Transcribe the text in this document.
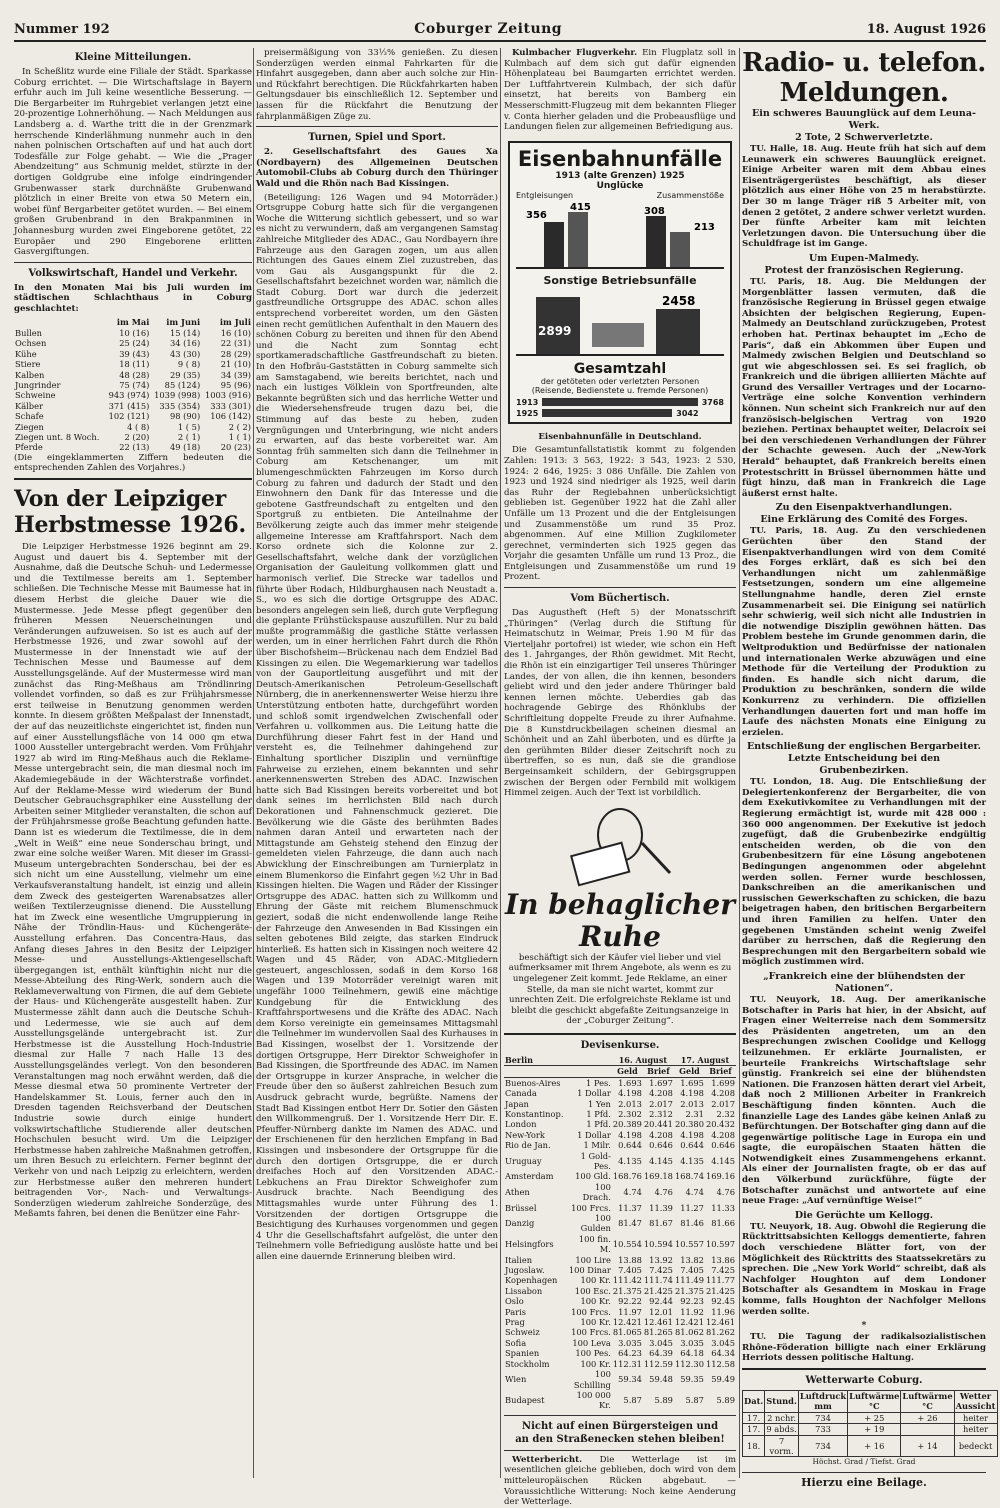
Nummer 192	Coburger Zeitung	18. August 1926
Kleine Mitteilungen.

In Scheßlitz wurde eine Filiale der Städt. Sparkasse Coburg errichtet. — Die Wirtschaftslage in Bayern erfuhr auch im Juli keine wesentliche Besserung. — Die Bergarbeiter im Ruhrgebiet verlangen jetzt eine 20-prozentige Lohnerhöhung. — Nach Meldungen aus Landsberg a. d. Warthe tritt die in der Grenzmark herrschende Kinderlähmung nunmehr auch in den nahen polnischen Ortschaften auf und hat auch dort Todesfälle zur Folge gehabt. — Wie die „Prager Abendzeitung“ aus Schmunig meldet, stürzte in der dortigen Goldgrube eine infolge eindringender Grubenwasser stark durchnäßte Grubenwand plötzlich in einer Breite von etwa 50 Metern ein, wobei fünf Bergarbeiter getötet wurden. — Bei einem großen Grubenbrand in den Brakpanminen in Johannesburg wurden zwei Eingeborene getötet, 22 Europäer und 290 Eingeborene erlitten Gasvergiftungen.

Volkswirtschaft, Handel und Verkehr.

In den Monaten Mai bis Juli wurden im städtischen Schlachthaus in Coburg geschlachtet:

	im Mai	im Juni	im Juli
Bullen	10 (16)	15 (14)	16 (10)
Ochsen	25 (24)	34 (16)	22 (31)
Kühe	39 (43)	43 (30)	28 (29)
Stiere	18 (11)	9 ( 8)	21 (10)
Kalben	48 (28)	29 (35)	34 (39)
Jungrinder	75 (74)	85 (124)	95 (96)
Schweine	943 (974)	1039 (998)	1003 (916)
Kälber	371 (415)	335 (354)	333 (301)
Schafe	102 (121)	98 (90)	106 (142)
Ziegen	4 ( 8)	1 ( 5)	2 ( 2)
Ziegen unt. 8 Woch.	2 (20)	2 ( 1)	1 ( 1)
Pferde	22 (13)	49 (18)	20 (23)

(Die eingeklammerten Ziffern bedeuten die entsprechenden Zahlen des Vorjahres.)

Von der Leipziger Herbstmesse 1926.

Die Leipziger Herbstmesse 1926 beginnt am 29. August und dauert bis 4. September mit der Ausnahme, daß die Deutsche Schuh- und Ledermesse und die Textilmesse bereits am 1. September schließen. Die Technische Messe mit Baumesse hat in diesem Herbst die gleiche Dauer wie die Mustermesse. Jede Messe pflegt gegenüber den früheren Messen Neuerscheinungen und Veränderungen aufzuweisen. So ist es auch auf der Herbstmesse 1926, und zwar sowohl auf der Mustermesse in der Innenstadt wie auf der Technischen Messe und Baumesse auf dem Ausstellungsgelände. Auf der Mustermesse wird man zunächst das Ring-Meßhaus am Tröndlinring vollendet vorfinden, so daß es zur Frühjahrsmesse erst teilweise in Benutzung genommen werden konnte. In diesem größten Meßpalast der Innenstadt, der auf das neuzeitlichste eingerichtet ist, finden nun auf einer Ausstellungsfläche von 14 000 qm etwa 1000 Aussteller untergebracht werden. Vom Frühjahr 1927 ab wird im Ring-Meßhaus auch die Reklame-Messe untergebracht sein, die man diesmal noch im Akademiegebäude in der Wächterstraße vorfindet. Auf der Reklame-Messe wird wiederum der Bund Deutscher Gebrauchsgraphiker eine Ausstellung der Arbeiten seiner Mitglieder veranstalten, die schon auf der Frühjahrsmesse große Beachtung gefunden hatte. Dann ist es wiederum die Textilmesse, die in dem „Welt in Weiß“ eine neue Sonderschau bringt, und zwar eine solche weißer Waren. Mit dieser im Grassi-Museum untergebrachten Sonderschau, bei der es sich nicht um eine Ausstellung, vielmehr um eine Verkaufsveranstaltung handelt, ist einzig und allein dem Zweck des gesteigerten Warenabsatzes aller weißen Textilerzeugnisse dienend. Die Ausstellung hat im Zweck eine wesentliche Umgruppierung in Nähe der Tröndlin-Haus- und Küchengeräte-Ausstellung erfahren. Das Concentra-Haus, das Anfang dieses Jahres in den Besitz der Leipziger Messe- und Ausstellungs-Aktiengesellschaft übergegangen ist, enthält künftighin nicht nur die Messe-Abteilung des Ring-Werk, sondern auch die Reklameverwaltung von Firmen, die auf dem Gebiete der Haus- und Küchengeräte ausgestellt haben. Zur Mustermesse zählt dann auch die Deutsche Schuh- und Ledermesse, wie sie auch auf dem Ausstellungsgelände untergebracht ist. Zur Herbstmesse ist die Ausstellung Hoch-Industrie diesmal zur Halle 7 nach Halle 13 des Ausstellungsgeländes verlegt. Von den besonderen Veranstaltungen mag noch erwähnt werden, daß die Messe diesmal etwa 50 prominente Vertreter der Handelskammer St. Louis, ferner auch den in Dresden tagenden Reichsverband der Deutschen Industrie sowie durch einige hundert volkswirtschaftliche Studierende aller deutschen Hochschulen besucht wird. Um die Leipziger Herbstmesse haben zahlreiche Maßnahmen getroffen, um ihren Besuch zu erleichtern. Ferner beginnt der Verkehr von und nach Leipzig zu erleichtern, werden zur Herbstmesse außer den mehreren hundert beitragenden Vor-, Nach- und Verwaltungs-Sonderzügen wiederum zahlreiche Sonderzüge, des Meßamts fahren, bei denen die Benützer eine Fahr-

preisermäßigung von 33⅓% genießen. Zu diesen Sonderzügen werden einmal Fahrkarten für die Hinfahrt ausgegeben, dann aber auch solche zur Hin- und Rückfahrt berechtigen. Die Rückfahrkarten haben Geltungsdauer bis einschließlich 12. September und lassen für die Rückfahrt die Benutzung der fahrplanmäßigen Züge zu.

Turnen, Spiel und Sport.

2. Gesellschaftsfahrt des Gaues Xa (Nordbayern) des Allgemeinen Deutschen Automobil-Clubs ab Coburg durch den Thüringer Wald und die Rhön nach Bad Kissingen.

(Beteiligung: 126 Wagen und 94 Motorräder.) Ortsgruppe Coburg hatte sich für die vergangenen Woche die Witterung sichtlich gebessert, und so war es nicht zu verwundern, daß am vergangenen Samstag zahlreiche Mitglieder des ADAC., Gau Nordbayern ihre Fahrzeuge aus den Garagen zogen, um aus allen Richtungen des Gaues einem Ziel zuzustreben, das vom Gau als Ausgangspunkt für die 2. Gesellschaftsfahrt bezeichnet worden war, nämlich die Stadt Coburg. Dort war durch die jederzeit gastfreundliche Ortsgruppe des ADAC. schon alles entsprechend vorbereitet worden, um den Gästen einen recht gemütlichen Aufenthalt in den Mauern des schönen Coburg zu bereiten und ihnen für den Abend und die Nacht zum Sonntag echt sportkameradschaftliche Gastfreundschaft zu bieten. In den Hofbräu-Gaststätten in Coburg sammelte sich am Samstagabend, wie bereits berichtet, nach und nach ein lustiges Völklein von Sportfreunden, alte Bekannte begrüßten sich und das herrliche Wetter und die Wiedersehensfreude trugen dazu bei, die Stimmung auf das beste zu heben, zuden Vergnügungen und Unterbringung, wie nicht anders zu erwarten, auf das beste vorbereitet war. Am Sonntag früh sammelten sich dann die Teilnehmer in Coburg am Ketschenanger, um mit blumengeschmückten Fahrzeugen im Korso durch Coburg zu fahren und dadurch der Stadt und den Einwohnern den Dank für das Interesse und die gebotene Gastfreundschaft zu entgelten und den Sportgruß zu entbieten. Die Anteilnahme der Bevölkerung zeigte auch das immer mehr steigende allgemeine Interesse am Kraftfahrsport. Nach dem Korso ordnete sich die Kolonne zur 2. Gesellschaftsfahrt, welche dank der vorzüglichen Organisation der Gauleitung vollkommen glatt und harmonisch verlief. Die Strecke war tadellos und führte über Rodach, Hildburghausen nach Neustadt a. S., wo es sich die dortige Ortsgruppe des ADAC. besonders angelegen sein ließ, durch gute Verpflegung die geplante Frühstückspause auszufüllen. Nur zu bald mußte programmäßig die gastliche Stätte verlassen werden, um in einer herrlichen Fahrt durch die Rhön über Bischofsheim—Brückenau nach dem Endziel Bad Kissingen zu eilen. Die Wegemarkierung war tadellos von der Gauportleitung ausgeführt und mit der Deutsch-Amerikanischen Petroleum-Gesellschaft Nürnberg, die in anerkennenswerter Weise hierzu ihre Unterstützung entboten hatte, durchgeführt worden und schloß somit irgendwelchen Zwischenfall oder Verfahren u. vollkommen aus. Die Leitung hatte die Durchführung dieser Fahrt fest in der Hand und versteht es, die Teilnehmer dahingehend zur Einhaltung sportlicher Disziplin und vernünftige Fahrweise zu erziehen, einem bekannten und sehr anerkennenswerten Streben des ADAC. Inzwischen hatte sich Bad Kissingen bereits vorbereitet und bot dank seines im herrlichsten Bild nach durch Dekorationen und Fahnenschmuck gezieret. Die Bevölkerung wie die Gäste des berühmten Bades nahmen daran Anteil und erwarteten nach der Mittagstunde am Gehsteig stehend den Einzug der gemeldeten vielen Fahrzeuge, die dann auch nach Abwicklung der Einschreibungen am Turnierplatz in einem Blumenkorso die Einfahrt gegen ½2 Uhr in Bad Kissingen hielten. Die Wagen und Räder der Kissinger Ortsgruppe des ADAC. hatten sich zu Willkomm und Ehrung der Gäste mit reichem Blumenschmuck geziert, sodaß die nicht endenwollende lange Reihe der Fahrzeuge den Anwesenden in Bad Kissingen ein selten gebotenes Bild zeigte, das starken Eindruck hinterließ. Es hatten sich in Kissingen noch weitere 42 Wagen und 45 Räder, von ADAC.-Mitgliedern gesteuert, angeschlossen, sodaß in dem Korso 168 Wagen und 139 Motorräder vereinigt waren mit ungefähr 1000 Teilnehmern, gewiß eine mächtige Kundgebung für die Entwicklung des Kraftfahrsportwesens und die Kräfte des ADAC. Nach dem Korso vereinigte ein gemeinsames Mittagsmahl die Teilnehmer im wundervollen Saal des Kurhauses in Bad Kissingen, woselbst der 1. Vorsitzende der dortigen Ortsgruppe, Herr Direktor Schweighofer in Bad Kissingen, die Sportfreunde des ADAC. im Namen der Ortsgruppe in kurzer Ansprache, in welcher die Freude über den so äußerst zahlreichen Besuch zum Ausdruck gebracht wurde, begrüßte. Namens der Stadt Bad Kissingen entbot Herr Dr. Sotier den Gästen den Willkommengruß. Der 1. Vorsitzende Herr Dir. E. Pfeuffer-Nürnberg dankte im Namen des ADAC. und der Erschienenen für den herzlichen Empfang in Bad Kissingen und insbesondere der Ortsgruppe für die durch den dortigen Ortsgruppe, die er durch dreifaches Hoch auf den Vorsitzenden ADAC.-Lebkuchens an Frau Direktor Schweighofer zum Ausdruck brachte. Nach Beendigung des Mittagsmahles wurde unter Führung des 1. Vorsitzenden der dortigen Ortsgruppe die Besichtigung des Kurhauses vorgenommen und gegen 4 Uhr die Gesellschaftsfahrt aufgelöst, die unter den Teilnehmern volle Befriedigung auslöste hatte und bei allen eine dauernde Erinnerung bleiben wird.

Kulmbacher Flugverkehr. Ein Flugplatz soll in Kulmbach auf dem sich gut dafür eignenden Höhenplateau bei Baumgarten errichtet werden. Der Luftfahrtverein Kulmbach, der sich dafür einsetzt, hat bereits von Bamberg ein Messerschmitt-Flugzeug mit dem bekannten Flieger v. Conta hierher geladen und die Probeausflüge und Landungen fielen zur allgemeinen Befriedigung aus.

Eisenbahnunfälle
1913 (alte Grenzen) 1925
Unglücke
Entgleisungen	Zusammenstöße
356
415	308
213
Sonstige Betriebsunfälle
2899
2458
Gesamtzahl
der getöteten oder verletzten Personen
(Reisende, Bedienstete u. fremde Personen)
1913	3768
1925	3042

Eisenbahnunfälle in Deutschland.

Die Gesamtunfallstatistik kommt zu folgenden Zahlen: 1913: 3 563, 1922: 3 543, 1923: 2 530, 1924: 2 646, 1925: 3 086 Unfälle. Die Zahlen von 1923 und 1924 sind niedriger als 1925, weil darin das Ruhr der Regiebahnen unberücksichtigt geblieben ist. Gegenüber 1922 hat die Zahl aller Unfälle um 13 Prozent und die der Entgleisungen und Zusammenstöße um rund 35 Proz. abgenommen. Auf eine Million Zugkilometer gerechnet, verminderten sich 1925 gegen das Vorjahr die gesamten Unfälle um rund 13 Proz., die Entgleisungen und Zusammenstöße um rund 19 Prozent.

Vom Büchertisch.

Das Augustheft (Heft 5) der Monatsschrift „Thüringen“ (Verlag durch die Stiftung für Heimatschutz in Weimar, Preis 1.90 M für das Vierteljahr portofrei) ist wieder, wie schon ein Heft des 1. Jahrganges, der Rhön gewidmet. Mit Recht, die Rhön ist ein einzigartiger Teil unseres Thüringer Landes, der von allen, die ihn kennen, besonders geliebt wird und den jeder andere Thüringer bald kennen lernen möchte. Ueberdies gab das hochragende Gebirge des Rhönklubs der Schriftleitung doppelte Freude zu ihrer Aufnahme. Die 8 Kunstdruckbeilagen scheinen diesmal an Schönheit und an Zahl überboten, und es dürfte ja den gerühmten Bilder dieser Zeitschrift noch zu übertreffen, so es nun, daß sie die grandiose Bergeinsamkeit schildern, der Gebirgsgruppen zwischen der Bergen oder Fernbild mit wolkigem Himmel zeigen. Auch der Text ist vorbildlich.

In behaglicher Ruhe

beschäftigt sich der Käufer viel lieber und viel aufmerksamer mit Ihrem Angebote, als wenn es zu ungelegener Zeit kommt. Jede Reklame, an einer Stelle, da man sie nicht wartet, kommt zur unrechten Zeit. Die erfolgreichste Reklame ist und bleibt die geschickt abgefaßte Zeitungsanzeige in der „Coburger Zeitung“.

Devisenkurse.
Berlin		16. August		17. August	
		Geld	Brief	Geld	Brief
Buenos-Aires	1 Pes.	1.693	1.697	1.695	1.699
Canada	1 Dollar	4.198	4.208	4.198	4.208
Japan	1 Yen	2.013	2.017	2.013	2.017
Konstantinop.	1 Pfd.	2.302	2.312	2.31	2.32
London	1 Pfd.	20.389	20.441	20.380	20.432
New-York	1 Dollar	4.198	4.208	4.198	4.208
Rio de Jan.	1 Milr.	0.644	0.646	0.644	0.646
Uruguay	1 Gold-Pes.	4.135	4.145	4.135	4.145
Amsterdam	100 Gld.	168.76	169.18	168.74	169.16
Athen	100 Drach.	4.74	4.76	4.74	4.76
Brüssel	100 Frcs.	11.37	11.39	11.27	11.33
Danzig	100 Gulden	81.47	81.67	81.46	81.66
Helsingfors	100 fin. M.	10.554	10.594	10.557	10.597
Italien	100 Lire	13.88	13.92	13.82	13.86
Jugoslaw.	100 Dinar	7.405	7.425	7.405	7.425
Kopenhagen	100 Kr.	111.42	111.74	111.49	111.77
Lissabon	100 Esc.	21.375	21.425	21.375	21.425
Oslo	100 Kr.	92.22	92.44	92.23	92.45
Paris	100 Frcs.	11.97	12.01	11.92	11.96
Prag	100 Kr.	12.421	12.461	12.421	12.461
Schweiz	100 Frcs.	81.065	81.265	81.062	81.262
Sofia	100 Leva	3.035	3.045	3.035	3.045
Spanien	100 Pes.	64.23	64.39	64.18	64.34
Stockholm	100 Kr.	112.31	112.59	112.30	112.58
Wien	100 Schilling	59.34	59.48	59.35	59.49
Budapest	100 000 Kr.	5.87	5.89	5.87	5.89
Nicht auf einen Bürgersteigen und
an den Straßenecken stehen bleiben!

Wetterbericht. Die Wetterlage ist im wesentlichen gleiche geblieben, doch wird von dem mitteleuropäischen Rücken abgebaut. — Voraussichtliche Witterung: Noch keine Aenderung der Wetterlage.

Radio- u. telefon. Meldungen.
Ein schweres Bauunglück auf dem Leuna-Werk.
2 Tote, 2 Schwerverletzte.

TU. Halle, 18. Aug. Heute früh hat sich auf dem Leunawerk ein schweres Bauunglück ereignet. Einige Arbeiter waren mit dem Abbau eines Eisenträgergerüstes beschäftigt, als dieser plötzlich aus einer Höhe von 25 m herabstürzte. Der 30 m lange Träger riß 5 Arbeiter mit, von denen 2 getötet, 2 andere schwer verletzt wurden. Der fünfte Arbeiter kam mit leichten Verletzungen davon. Die Untersuchung über die Schuldfrage ist im Gange.

Um Eupen-Malmedy.
Protest der französischen Regierung.

TU. Paris, 18. Aug. Die Meldungen der Morgenblätter lassen vermuten, daß die französische Regierung in Brüssel gegen etwaige Absichten der belgischen Regierung, Eupen-Malmedy an Deutschland zurückzugeben, Protest erhoben hat. Pertinax behauptet im „Echo de Paris“, daß ein Abkommen über Eupen und Malmedy zwischen Belgien und Deutschland so gut wie abgeschlossen sei. Es sei fraglich, ob Frankreich und die übrigen alliierten Mächte auf Grund des Versailler Vertrages und der Locarno-Verträge eine solche Konvention verhindern können. Nun scheint sich Frankreich nur auf den französisch-belgischen Vertrag von 1920 beziehen. Pertinax behauptet weiter, Delacroix sei bei den verschiedenen Verhandlungen der Führer der Schachte gewesen. Auch der „New-York Herald“ behauptet, daß Frankreich bereits einen Protestschritt in Brüssel übernommen hätte und fügt hinzu, daß man in Frankreich die Lage äußerst ernst halte.

Zu den Eisenpaktverhandlungen.
Eine Erklärung des Comité des Forges.

TU. Paris, 18. Aug. Zu den verschiedenen Gerüchten über den Stand der Eisenpaktverhandlungen wird von dem Comité des Forges erklärt, daß es sich bei den Verhandlungen nicht um zahlenmäßige Festsetzungen, sondern um eine allgemeine Stellungnahme handle, deren Ziel ernste Zusammenarbeit sei. Die Einigung sei natürlich sehr schwierig, weil sich nicht alle Industrien in die notwendige Disziplin gewöhnen hätten. Das Problem bestehe im Grunde genommen darin, die Weltproduktion und Bedürfnisse der nationalen und internationalen Werke abzuwägen und eine Methode für die Verteilung der Produktion zu finden. Es handle sich nicht darum, die Produktion zu beschränken, sondern die wilde Konkurrenz zu verhindern. Die offiziellen Verhandlungen dauerten fort und man hoffe im Laufe des nächsten Monats eine Einigung zu erzielen.

Entschließung der englischen Bergarbeiter.
Letzte Entscheidung bei den Grubenbezirken.

TU. London, 18. Aug. Die Entschließung der Delegiertenkonferenz der Bergarbeiter, die von dem Exekutivkomitee zu Verhandlungen mit der Regierung ermächtigt ist, wurde mit 428 000 : 360 000 angenommen. Der Exekutive ist jedoch zugefügt, daß die Grubenbezirke endgültig entscheiden werden, ob die von den Grubenbesitzern für eine Lösung angebotenen Bedingungen angenommen oder abgelehnt werden sollen. Ferner wurde beschlossen, Dankschreiben an die amerikanischen und russischen Gewerkschaften zu schicken, die bazu beigetragen haben, den britischen Bergarbeitern und ihren Familien zu helfen. Unter den gegebenen Umständen scheint wenig Zweifel darüber zu herrschen, daß die Regierung den Besprechungen mit den Bergarbeitern sobald wie möglich zustimmen wird.

„Frankreich eine der blühendsten der Nationen“.

TU. Neuyork, 18. Aug. Der amerikanische Botschafter in Paris hat hier, in der Absicht, auf Fragen einer Weiterreise nach dem Sommersitz des Präsidenten angetreten, um an den Besprechungen zwischen Coolidge und Kellogg teilzunehmen. Er erklärte Journalisten, er beurteile Frankreichs Wirtschaftslage sehr günstig. Frankreich sei eine der blühendsten Nationen. Die Franzosen hätten derart viel Arbeit, daß noch 2 Millionen Arbeiter in Frankreich Beschäftigung finden könnten. Auch die finanzielle Lage des Landes gäbe keinen Anlaß zu Befürchtungen. Der Botschafter ging dann auf die gegenwärtige politische Lage in Europa ein und sagte, die europäischen Staaten hätten die Notwendigkeit eines Zusammengehens erkannt. Als einer der Journalisten fragte, ob er das auf den Völkerbund zurückführe, fügte der Botschafter zunächst und antwortete auf eine neue Frage: „Auf vernünftige Weise!“

Die Gerüchte um Kellogg.

TU. Neuyork, 18. Aug. Obwohl die Regierung die Rücktrittsabsichten Kelloggs dementierte, fahren doch verschiedene Blätter fort, von der Möglichkeit des Rücktritts des Staatssekretärs zu sprechen. Die „New York World“ schreibt, daß als Nachfolger Houghton auf dem Londoner Botschafter als Gesandtem in Moskau in Frage komme, falls Houghton der Nachfolger Mellons werden sollte.

*

TU. Die Tagung der radikalsozialistischen Rhône-Föderation billigte nach einer Erklärung Herriots dessen politische Haltung.

Wetterwarte Coburg.
Dat.	Stund.	Luftdruck mm	Luftwärme °C	Luftwärme °C	Wetter Aussicht
17.	2 nchr.	734	+ 25	+ 26	heiter
17.	9 abds.	733	+ 19		heiter
18.	7 vorm.	734	+ 16	+ 14	bedeckt
Höchst. Grad / Tiefst. Grad
Hierzu eine Beilage.
